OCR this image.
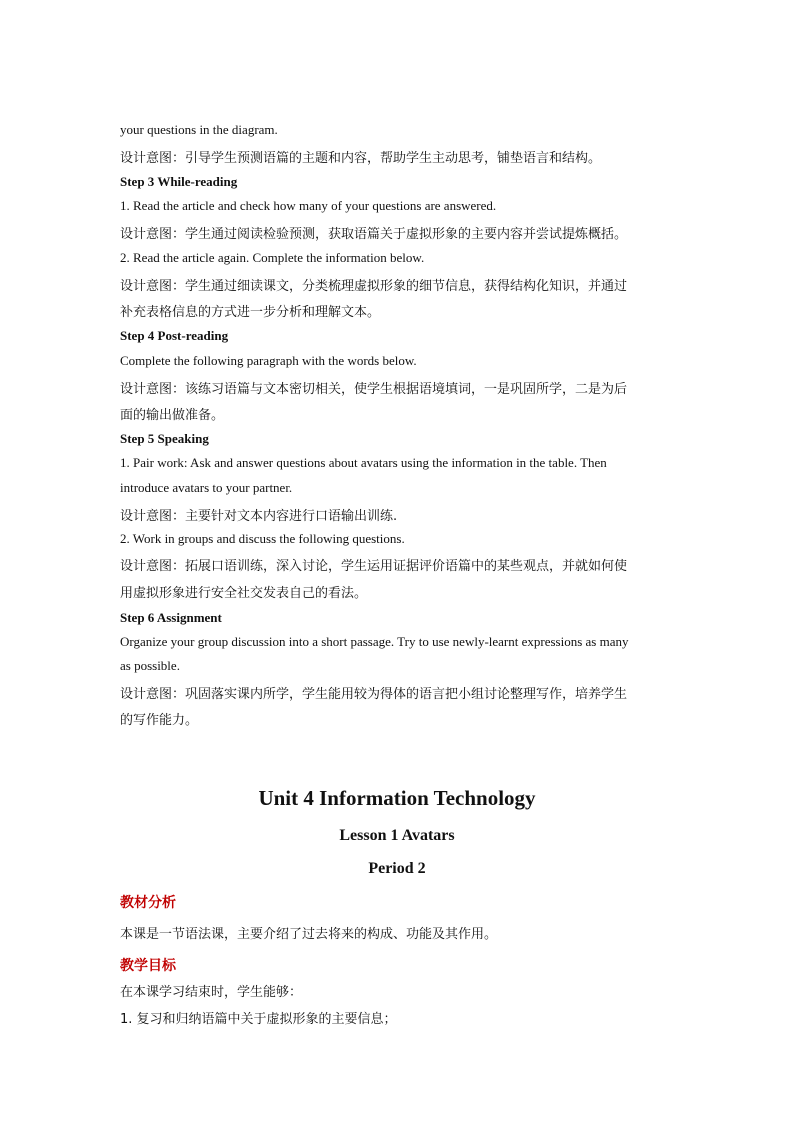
your questions in the diagram.

设计意图：引导学生预测语篇的主题和内容，帮助学生主动思考，铺垫语言和结构。

Step 3 While-reading

1. Read the article and check how many of your questions are answered.

设计意图：学生通过阅读检验预测，获取语篇关于虚拟形象的主要内容并尝试提炼概括。

2. Read the article again. Complete the information below.

设计意图：学生通过细读课文，分类梳理虚拟形象的细节信息，获得结构化知识，并通过

补充表格信息的方式进一步分析和理解文本。

Step 4 Post-reading

Complete the following paragraph with the words below.

设计意图：该练习语篇与文本密切相关，使学生根据语境填词，一是巩固所学，二是为后

面的输出做准备。

Step 5 Speaking

1. Pair work: Ask and answer questions about avatars using the information in the table. Then

introduce avatars to your partner.

设计意图：主要针对文本内容进行口语输出训练.

2. Work in groups and discuss the following questions.

设计意图：拓展口语训练，深入讨论，学生运用证据评价语篇中的某些观点，并就如何使

用虚拟形象进行安全社交发表自己的看法。

Step 6 Assignment

Organize your group discussion into a short passage. Try to use newly-learnt expressions as many

as possible.

设计意图：巩固落实课内所学，学生能用较为得体的语言把小组讨论整理写作，培养学生

的写作能力。

Unit 4 Information Technology

Lesson 1 Avatars

Period 2

教材分析

本课是一节语法课，主要介绍了过去将来的构成、功能及其作用。

教学目标

在本课学习结束时，学生能够：

1. 复习和归纳语篇中关于虚拟形象的主要信息；
